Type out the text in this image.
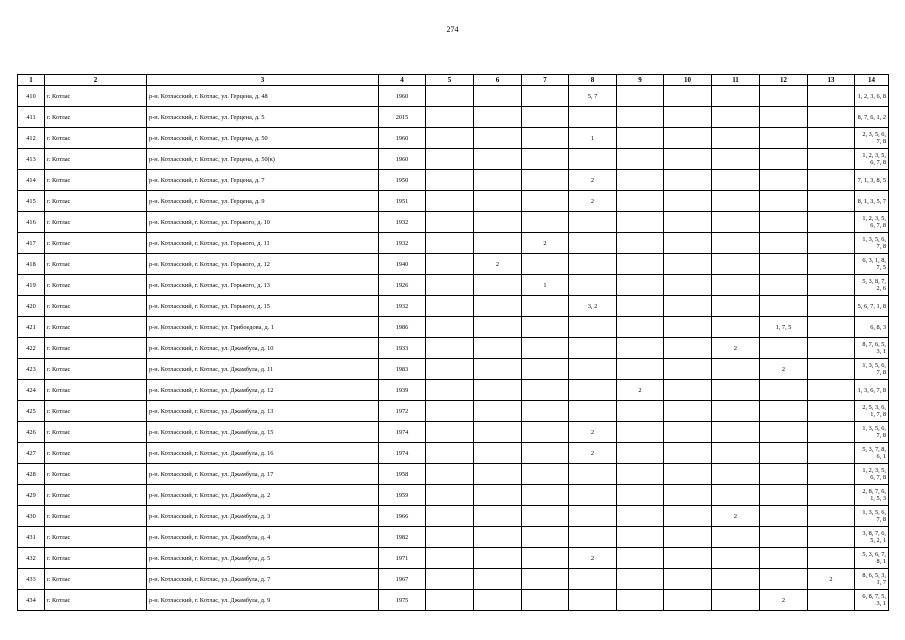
274
1	2	3	4	5	6	7	8	9	10	11	12	13	14
410	г. Котлас	р-н. Котласский, г. Котлас, ул. Герцена, д. 48	1960				5, 7						1, 2, 3, 6, 8
411	г. Котлас	р-н. Котласский, г. Котлас, ул. Герцена, д. 5	2015										8, 7, 6, 1, 2
412	г. Котлас	р-н. Котласский, г. Котлас, ул. Герцена, д. 50	1960				1						2, 3, 5, 6, 7, 8
413	г. Котлас	р-н. Котласский, г. Котлас, ул. Герцена, д. 50(к)	1960										1, 2, 3, 5, 6, 7, 8
414	г. Котлас	р-н. Котласский, г. Котлас, ул. Герцена, д. 7	1950				2						7, 1, 3, 8, 5
415	г. Котлас	р-н. Котласский, г. Котлас, ул. Герцена, д. 9	1951				2						8, 1, 3, 5, 7
416	г. Котлас	р-н. Котласский, г. Котлас, ул. Горького, д. 10	1932										1, 2, 3, 5, 6, 7, 8
417	г. Котлас	р-н. Котласский, г. Котлас, ул. Горького, д. 11	1932			2							1, 3, 5, 6, 7, 8
418	г. Котлас	р-н. Котласский, г. Котлас, ул. Горького, д. 12	1940		2								6, 3, 1, 8, 7, 5
419	г. Котлас	р-н. Котласский, г. Котлас, ул. Горького, д. 13	1926			1							5, 3, 8, 7, 2, 6
420	г. Котлас	р-н. Котласский, г. Котлас, ул. Горького, д. 15	1932				3, 2						5, 6, 7, 1, 8
421	г. Котлас	р-н. Котласский, г. Котлас, ул. Грибоедова, д. 1	1986								1, 7, 5		6, 8, 3
422	г. Котлас	р-н. Котласский, г. Котлас, ул. Джамбула, д. 10	1933							2			8, 7, 6, 5, 3, 1
423	г. Котлас	р-н. Котласский, г. Котлас, ул. Джамбула, д. 11	1983								2		1, 3, 5, 6, 7, 8
424	г. Котлас	р-н. Котласский, г. Котлас, ул. Джамбула, д. 12	1939					2					1, 3, 6, 7, 8
425	г. Котлас	р-н. Котласский, г. Котлас, ул. Джамбула, д. 13	1972										2, 5, 3, 6, 1, 7, 8
426	г. Котлас	р-н. Котласский, г. Котлас, ул. Джамбула, д. 15	1974				2						1, 3, 5, 6, 7, 8
427	г. Котлас	р-н. Котласский, г. Котлас, ул. Джамбула, д. 16	1974				2						5, 3, 7, 8, 6, 1
428	г. Котлас	р-н. Котласский, г. Котлас, ул. Джамбула, д. 17	1958										1, 2, 3, 5, 6, 7, 8
429	г. Котлас	р-н. Котласский, г. Котлас, ул. Джамбула, д. 2	1959										2, 8, 7, 6, 1, 5, 3
430	г. Котлас	р-н. Котласский, г. Котлас, ул. Джамбула, д. 3	1966							2			1, 3, 5, 6, 7, 8
431	г. Котлас	р-н. Котласский, г. Котлас, ул. Джамбула, д. 4	1982										3, 8, 7, 6, 5, 2, 1
432	г. Котлас	р-н. Котласский, г. Котлас, ул. Джамбула, д. 5	1971				2						5, 3, 6, 7, 8, 1
433	г. Котлас	р-н. Котласский, г. Котлас, ул. Джамбула, д. 7	1967									2	8, 6, 5, 3, 1, 7
434	г. Котлас	р-н. Котласский, г. Котлас, ул. Джамбула, д. 9	1975								2		6, 8, 7, 5, 3, 1
